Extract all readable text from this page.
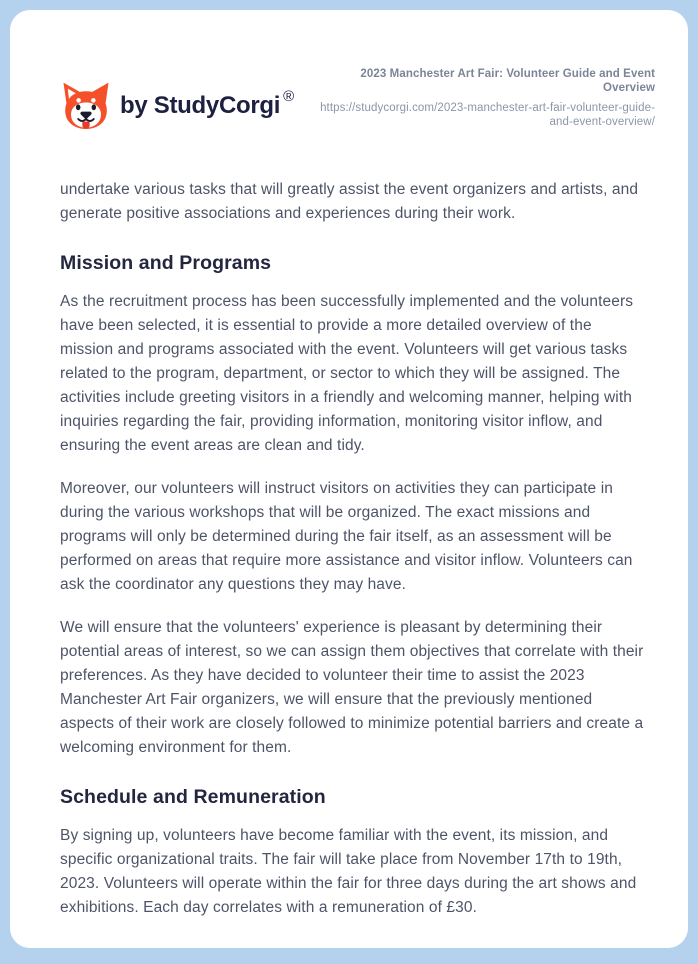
by StudyCorgi ®
2023 Manchester Art Fair: Volunteer Guide and Event Overview
https://studycorgi.com/2023-manchester-art-fair-volunteer-guide-and-event-overview/

undertake various tasks that will greatly assist the event organizers and artists, and generate positive associations and experiences during their work.

Mission and Programs

As the recruitment process has been successfully implemented and the volunteers have been selected, it is essential to provide a more detailed overview of the mission and programs associated with the event. Volunteers will get various tasks related to the program, department, or sector to which they will be assigned. The activities include greeting visitors in a friendly and welcoming manner, helping with inquiries regarding the fair, providing information, monitoring visitor inflow, and ensuring the event areas are clean and tidy.

Moreover, our volunteers will instruct visitors on activities they can participate in during the various workshops that will be organized. The exact missions and programs will only be determined during the fair itself, as an assessment will be performed on areas that require more assistance and visitor inflow. Volunteers can ask the coordinator any questions they may have.

We will ensure that the volunteers' experience is pleasant by determining their potential areas of interest, so we can assign them objectives that correlate with their preferences. As they have decided to volunteer their time to assist the 2023 Manchester Art Fair organizers, we will ensure that the previously mentioned aspects of their work are closely followed to minimize potential barriers and create a welcoming environment for them.

Schedule and Remuneration

By signing up, volunteers have become familiar with the event, its mission, and specific organizational traits. The fair will take place from November 17th to 19th, 2023. Volunteers will operate within the fair for three days during the art shows and exhibitions. Each day correlates with a remuneration of £30.
